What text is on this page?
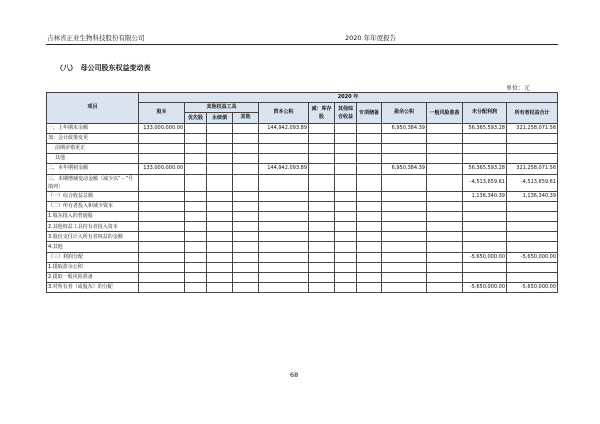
吉林省正业生物科技股份有限公司	2020 年年度报告
（八）　母公司股东权益变动表
单位：元
项目	2020 年											
	股本	其他权益工具			资本公积	减：库存股	其他综合收益	专项储备	盈余公积	一般风险准备	未分配利润	所有者权益合计
		优先股	永续债	其他								
一、上年期末余额	133,000,000.00				144,942,093.89				6,950,384.39		56,365,593.28	321,258,071.56
加：会计政策变更												
前期差错更正												
其他												
二、本年期初余额	133,000,000.00				144,942,093.89				6,950,384.39		56,365,593.28	321,258,071.56
三、本期增减变动金额（减少以“－”号填列）											-4,513,659.61	-4,513,659.61
（一）综合收益总额											1,136,340.39	1,136,340.39
（二）所有者投入和减少资本												
1.股东投入的普通股												
2.其他权益工具持有者投入资本												
3.股份支付计入所有者权益的金额												
4.其他												
（三）利润分配											-5,650,000.00	-5,650,000.00
1.提取盈余公积												
2.提取一般风险准备												
3.对所有者（或股东）的分配											-5,650,000.00	-5,650,000.00
68
